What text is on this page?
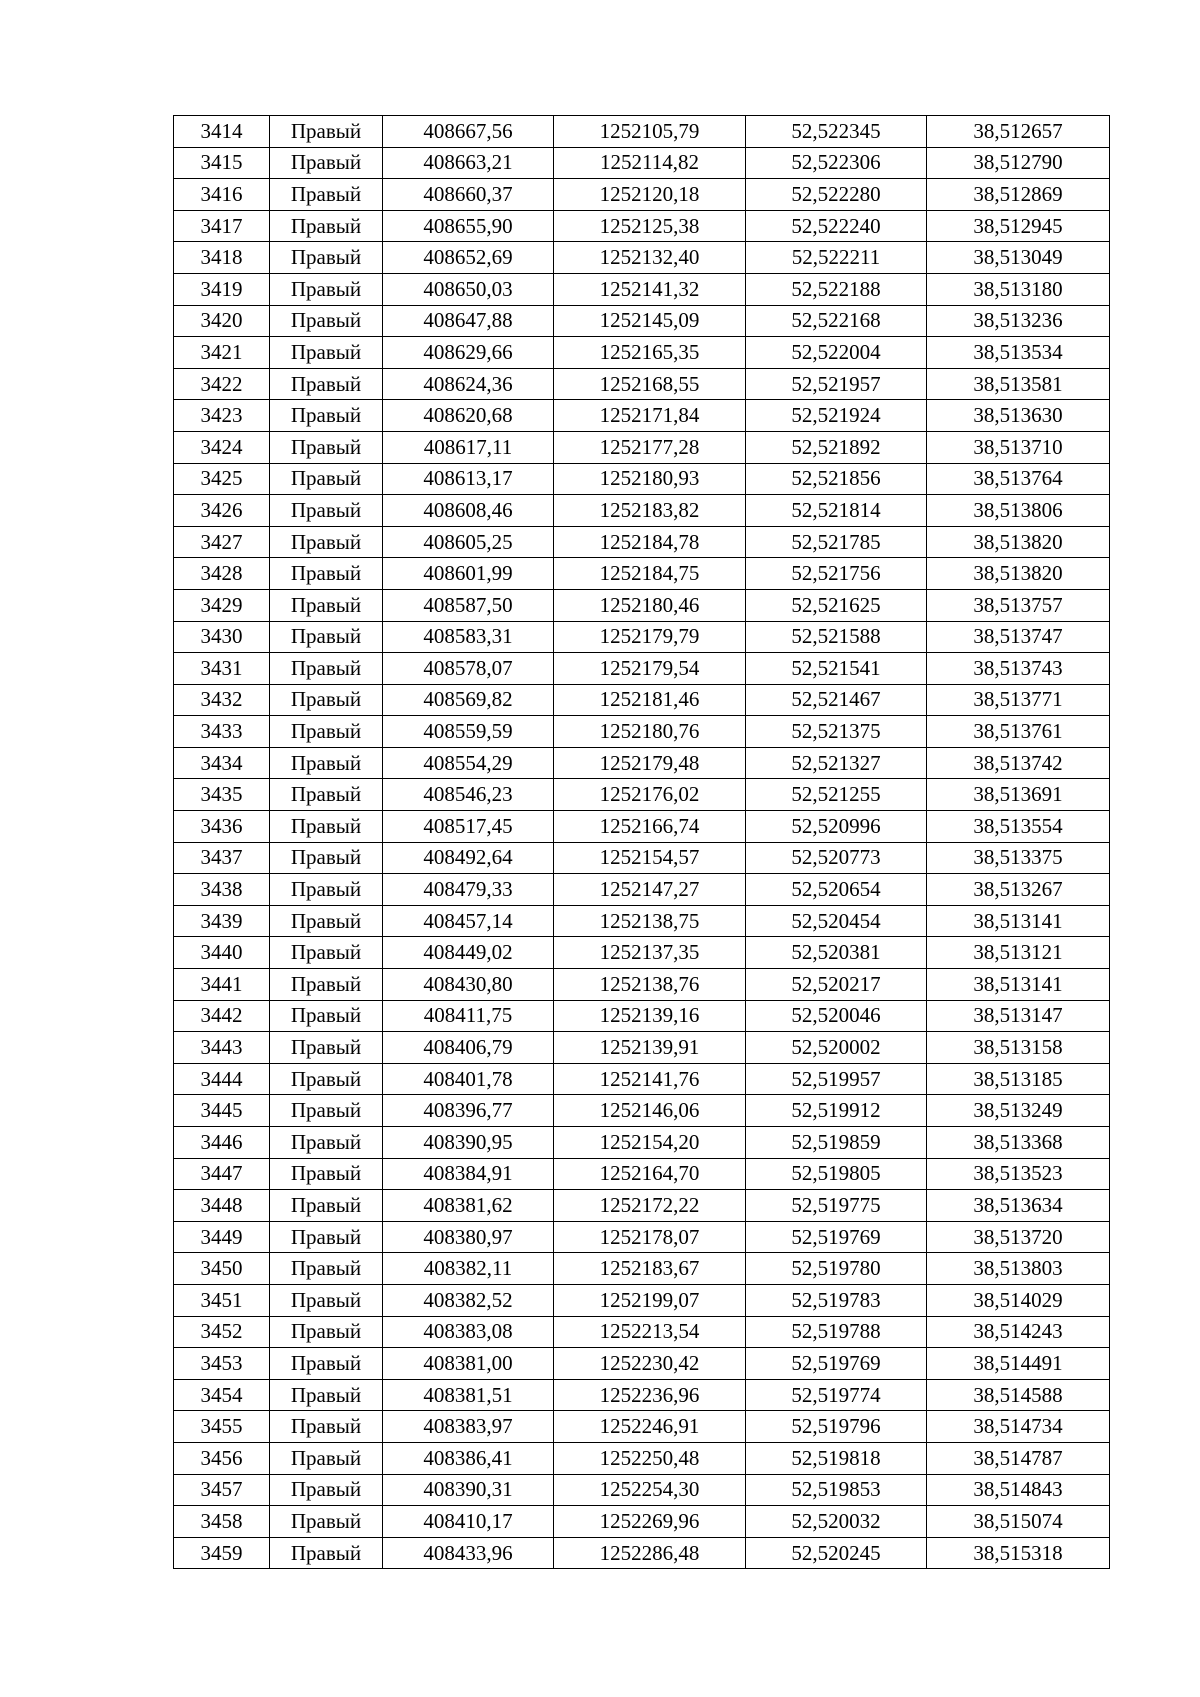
3414	Правый	408667,56	1252105,79	52,522345	38,512657
3415	Правый	408663,21	1252114,82	52,522306	38,512790
3416	Правый	408660,37	1252120,18	52,522280	38,512869
3417	Правый	408655,90	1252125,38	52,522240	38,512945
3418	Правый	408652,69	1252132,40	52,522211	38,513049
3419	Правый	408650,03	1252141,32	52,522188	38,513180
3420	Правый	408647,88	1252145,09	52,522168	38,513236
3421	Правый	408629,66	1252165,35	52,522004	38,513534
3422	Правый	408624,36	1252168,55	52,521957	38,513581
3423	Правый	408620,68	1252171,84	52,521924	38,513630
3424	Правый	408617,11	1252177,28	52,521892	38,513710
3425	Правый	408613,17	1252180,93	52,521856	38,513764
3426	Правый	408608,46	1252183,82	52,521814	38,513806
3427	Правый	408605,25	1252184,78	52,521785	38,513820
3428	Правый	408601,99	1252184,75	52,521756	38,513820
3429	Правый	408587,50	1252180,46	52,521625	38,513757
3430	Правый	408583,31	1252179,79	52,521588	38,513747
3431	Правый	408578,07	1252179,54	52,521541	38,513743
3432	Правый	408569,82	1252181,46	52,521467	38,513771
3433	Правый	408559,59	1252180,76	52,521375	38,513761
3434	Правый	408554,29	1252179,48	52,521327	38,513742
3435	Правый	408546,23	1252176,02	52,521255	38,513691
3436	Правый	408517,45	1252166,74	52,520996	38,513554
3437	Правый	408492,64	1252154,57	52,520773	38,513375
3438	Правый	408479,33	1252147,27	52,520654	38,513267
3439	Правый	408457,14	1252138,75	52,520454	38,513141
3440	Правый	408449,02	1252137,35	52,520381	38,513121
3441	Правый	408430,80	1252138,76	52,520217	38,513141
3442	Правый	408411,75	1252139,16	52,520046	38,513147
3443	Правый	408406,79	1252139,91	52,520002	38,513158
3444	Правый	408401,78	1252141,76	52,519957	38,513185
3445	Правый	408396,77	1252146,06	52,519912	38,513249
3446	Правый	408390,95	1252154,20	52,519859	38,513368
3447	Правый	408384,91	1252164,70	52,519805	38,513523
3448	Правый	408381,62	1252172,22	52,519775	38,513634
3449	Правый	408380,97	1252178,07	52,519769	38,513720
3450	Правый	408382,11	1252183,67	52,519780	38,513803
3451	Правый	408382,52	1252199,07	52,519783	38,514029
3452	Правый	408383,08	1252213,54	52,519788	38,514243
3453	Правый	408381,00	1252230,42	52,519769	38,514491
3454	Правый	408381,51	1252236,96	52,519774	38,514588
3455	Правый	408383,97	1252246,91	52,519796	38,514734
3456	Правый	408386,41	1252250,48	52,519818	38,514787
3457	Правый	408390,31	1252254,30	52,519853	38,514843
3458	Правый	408410,17	1252269,96	52,520032	38,515074
3459	Правый	408433,96	1252286,48	52,520245	38,515318
